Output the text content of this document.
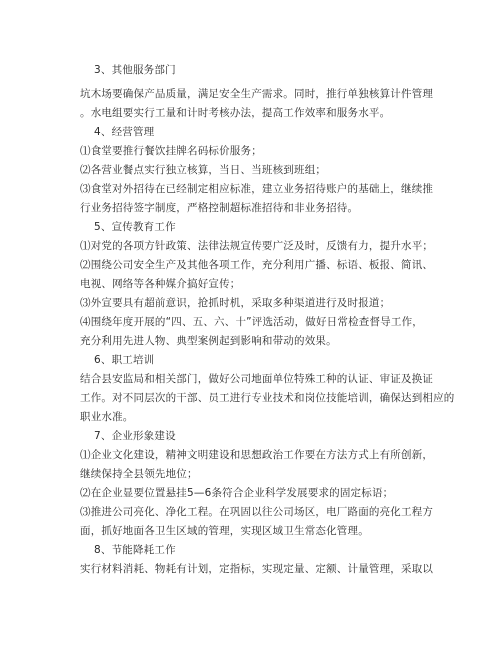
3、其他服务部门
坑木场要确保产品质量，满足安全生产需求。同时，推行单独核算计件管理
。水电组要实行工量和计时考核办法，提高工作效率和服务水平。
4、经营管理
⑴食堂要推行餐饮挂牌名码标价服务；
⑵各营业餐点实行独立核算，当日、当班核到班组；
⑶食堂对外招待在已经制定相应标准，建立业务招待账户的基础上，继续推
行业务招待签字制度，严格控制超标准招待和非业务招待。
5、宣传教育工作
⑴对党的各项方针政策、法律法规宣传要广泛及时，反馈有力，提升水平；
⑵围绕公司安全生产及其他各项工作，充分利用广播、标语、板报、简讯、
电视、网络等各种媒介搞好宣传；
⑶外宣要具有超前意识，抢抓时机，采取多种渠道进行及时报道；
⑷围绕年度开展的“四、五、六、十”评选活动，做好日常检查督导工作，
充分利用先进人物、典型案例起到影响和带动的效果。
6、职工培训
结合县安监局和相关部门，做好公司地面单位特殊工种的认证、审证及换证
工作。对不同层次的干部、员工进行专业技术和岗位技能培训，确保达到相应的
职业水准。
7、企业形象建设
⑴企业文化建设，精神文明建设和思想政治工作要在方法方式上有所创新，
继续保持全县领先地位；
⑵在企业显要位置悬挂5—6条符合企业科学发展要求的固定标语；
⑶推进公司亮化、净化工程。在巩固以往公司场区，电厂路面的亮化工程方
面，抓好地面各卫生区域的管理，实现区域卫生常态化管理。
8、节能降耗工作
实行材料消耗、物耗有计划，定指标，实现定量、定额、计量管理，采取以
